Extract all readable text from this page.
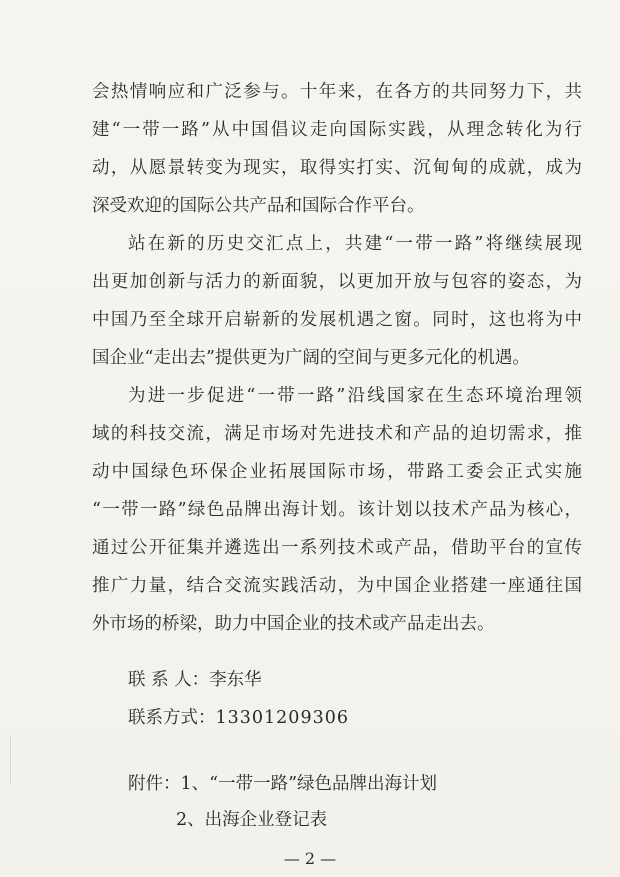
会热情响应和广泛参与。十年来，在各方的共同努力下，共
建“一带一路”从中国倡议走向国际实践，从理念转化为行
动，从愿景转变为现实，取得实打实、沉甸甸的成就，成为
深受欢迎的国际公共产品和国际合作平台。
站在新的历史交汇点上，共建“一带一路”将继续展现
出更加创新与活力的新面貌，以更加开放与包容的姿态，为
中国乃至全球开启崭新的发展机遇之窗。同时，这也将为中
国企业“走出去”提供更为广阔的空间与更多元化的机遇。
为进一步促进“一带一路”沿线国家在生态环境治理领
域的科技交流，满足市场对先进技术和产品的迫切需求，推
动中国绿色环保企业拓展国际市场，带路工委会正式实施
“一带一路”绿色品牌出海计划。该计划以技术产品为核心，
通过公开征集并遴选出一系列技术或产品，借助平台的宣传
推广力量，结合交流实践活动，为中国企业搭建一座通往国
外市场的桥梁，助力中国企业的技术或产品走出去。
联 系 人：李东华
联系方式：13301209306
附件：1、“一带一路”绿色品牌出海计划
2、出海企业登记表
— 2 —
